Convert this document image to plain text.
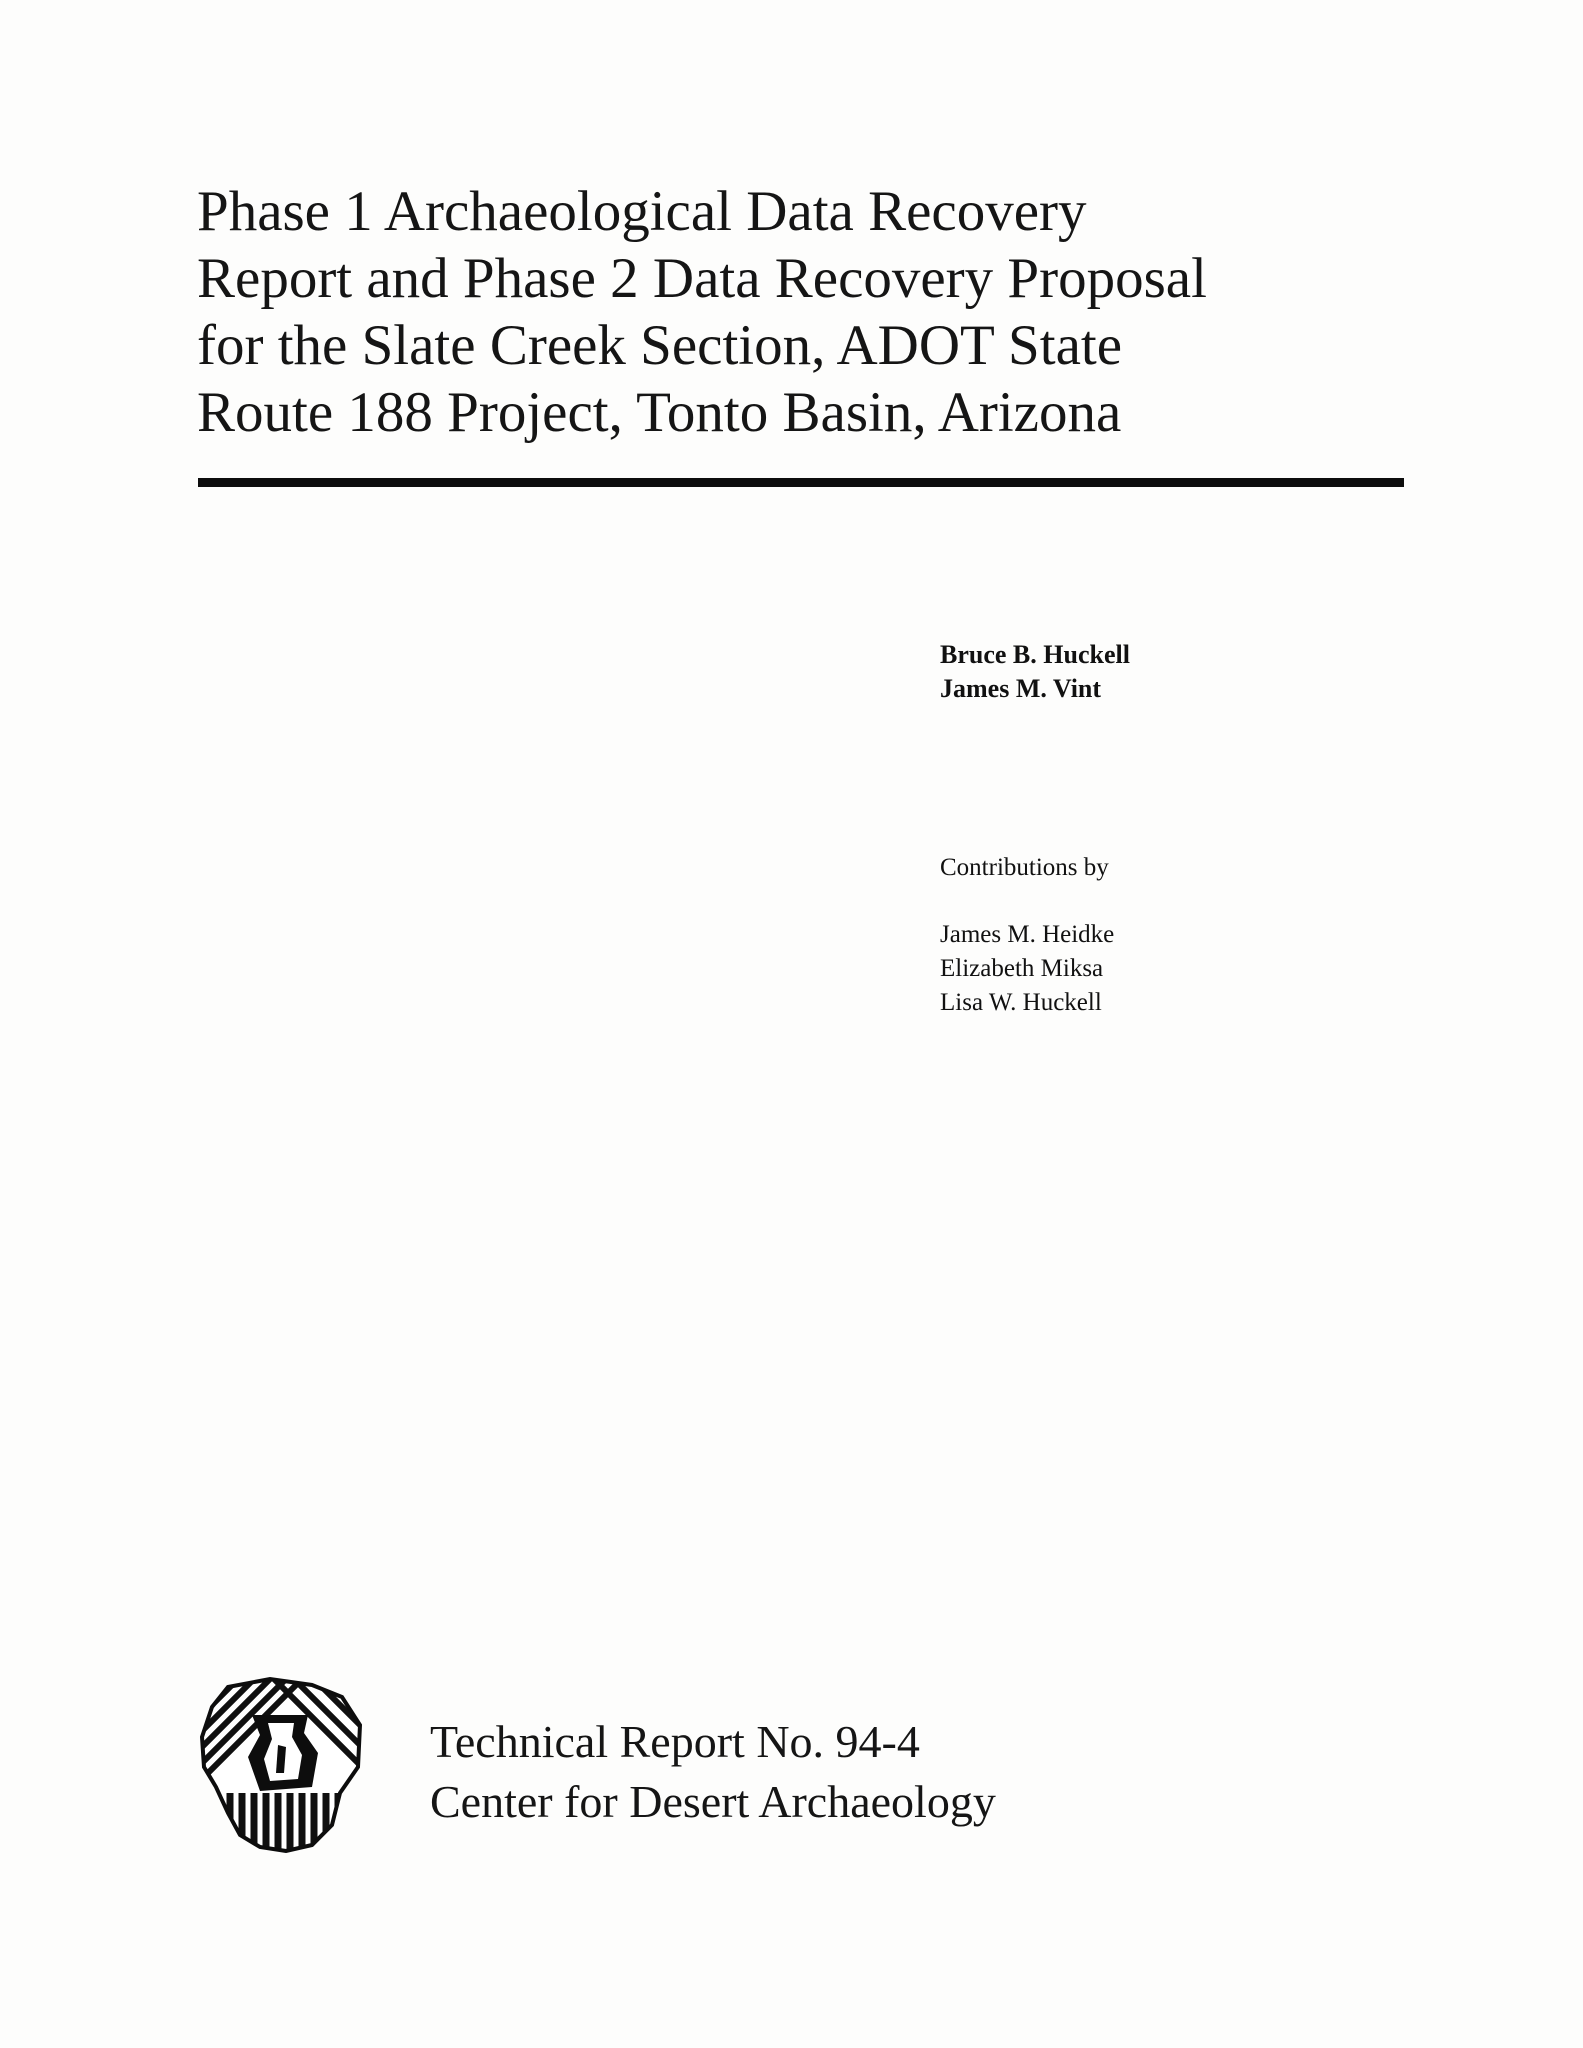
Phase 1 Archaeological Data Recovery
Report and Phase 2 Data Recovery Proposal
for the Slate Creek Section, ADOT State
Route 188 Project, Tonto Basin, Arizona
Bruce B. Huckell
James M. Vint
Contributions by
James M. Heidke
Elizabeth Miksa
Lisa W. Huckell
Technical Report No. 94-4
Center for Desert Archaeology
